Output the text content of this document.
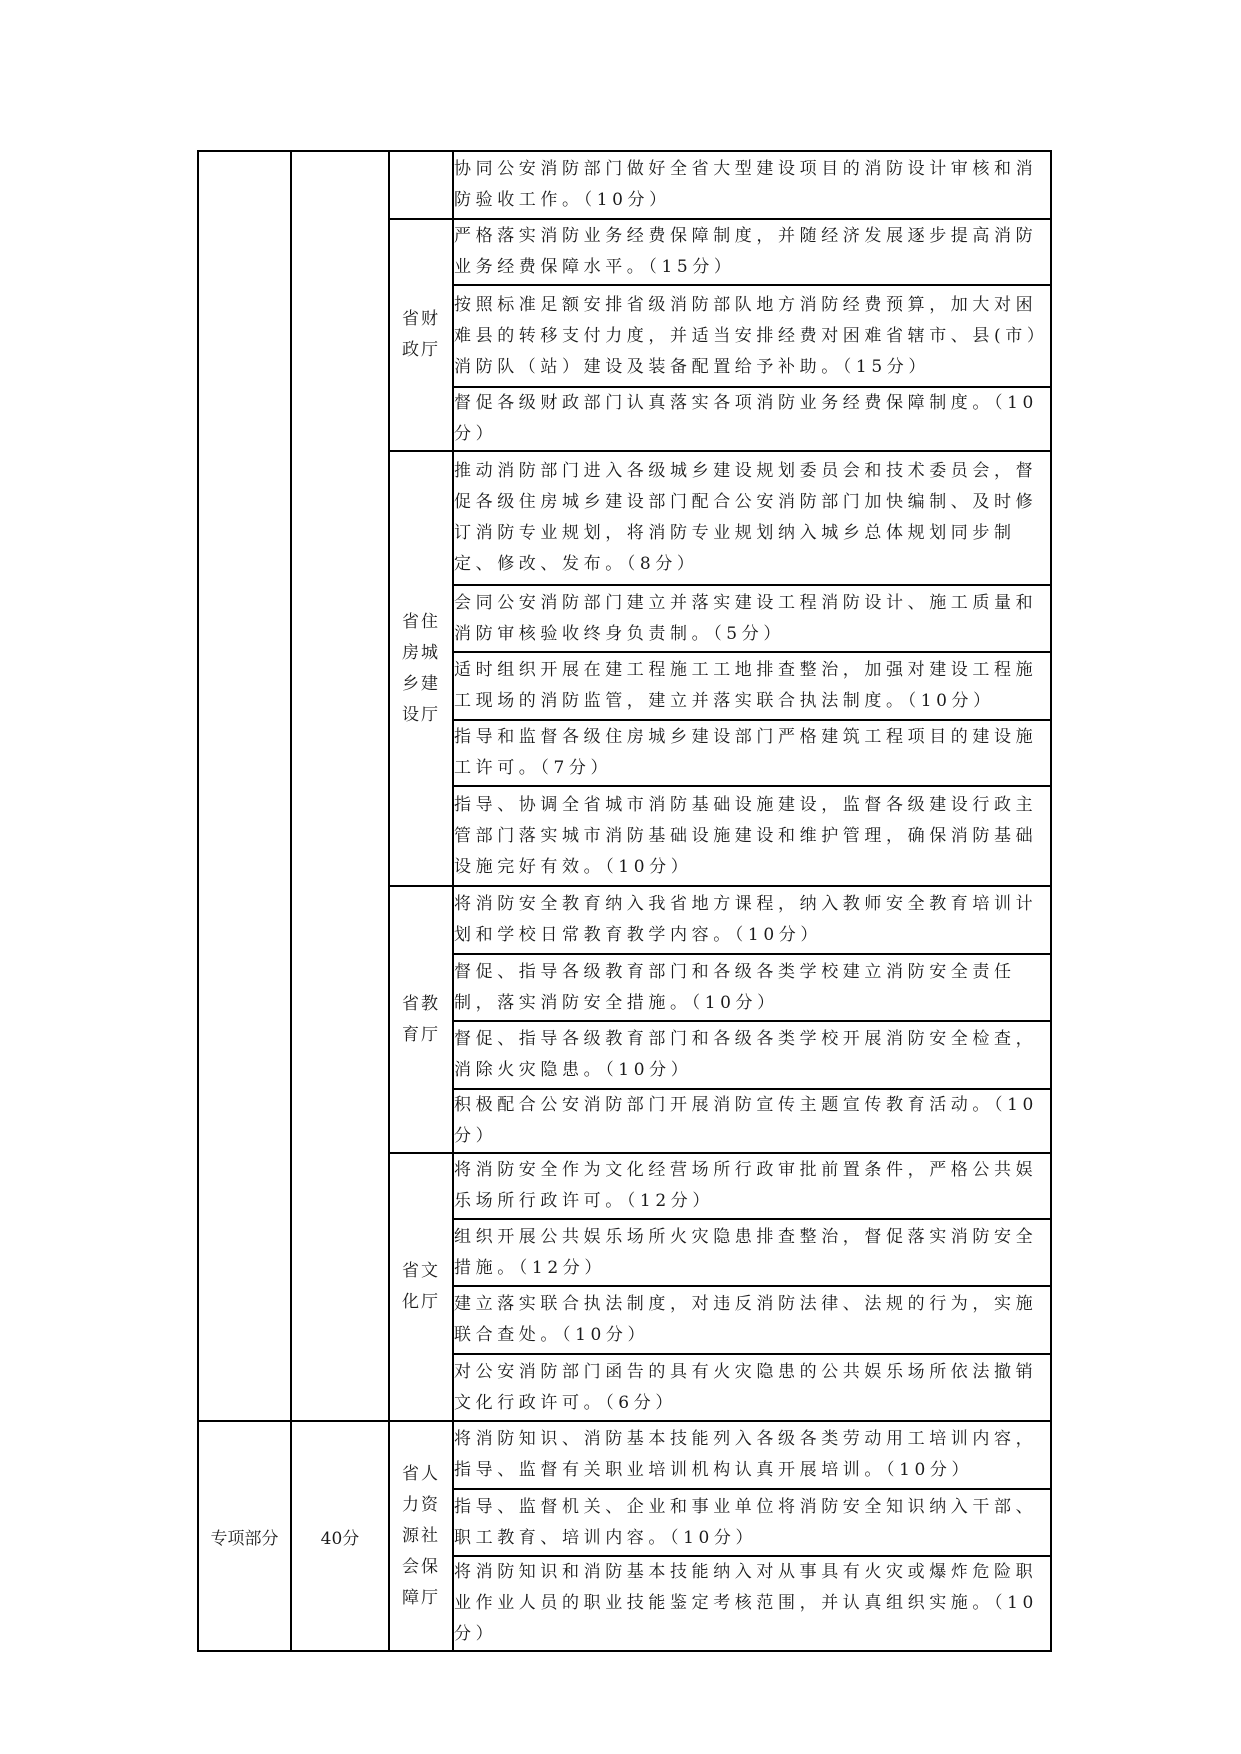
			协同公安消防部门做好全省大型建设项目的消防设计审核和消防验收工作。（10分）
		省财政厅	严格落实消防业务经费保障制度，并随经济发展逐步提高消防业务经费保障水平。（15分）
			按照标准足额安排省级消防部队地方消防经费预算，加大对困难县的转移支付力度，并适当安排经费对困难省辖市、县(市）消防队（站）建设及装备配置给予补助。（15分）
			督促各级财政部门认真落实各项消防业务经费保障制度。（10分）
		省住房城乡建设厅	推动消防部门进入各级城乡建设规划委员会和技术委员会，督促各级住房城乡建设部门配合公安消防部门加快编制、及时修订消防专业规划，将消防专业规划纳入城乡总体规划同步制定、修改、发布。（8分）
			会同公安消防部门建立并落实建设工程消防设计、施工质量和消防审核验收终身负责制。（5分）
			适时组织开展在建工程施工工地排查整治，加强对建设工程施工现场的消防监管，建立并落实联合执法制度。（10分）
			指导和监督各级住房城乡建设部门严格建筑工程项目的建设施工许可。（7分）
			指导、协调全省城市消防基础设施建设，监督各级建设行政主管部门落实城市消防基础设施建设和维护管理，确保消防基础设施完好有效。（10分）
		省教育厅	将消防安全教育纳入我省地方课程，纳入教师安全教育培训计划和学校日常教育教学内容。（10分）
			督促、指导各级教育部门和各级各类学校建立消防安全责任制，落实消防安全措施。（10分）
			督促、指导各级教育部门和各级各类学校开展消防安全检查，消除火灾隐患。（10分）
			积极配合公安消防部门开展消防宣传主题宣传教育活动。（10分）
		省文化厅	将消防安全作为文化经营场所行政审批前置条件，严格公共娱乐场所行政许可。（12分）
			组织开展公共娱乐场所火灾隐患排查整治，督促落实消防安全措施。（12分）
			建立落实联合执法制度，对违反消防法律、法规的行为，实施联合查处。（10分）
			对公安消防部门函告的具有火灾隐患的公共娱乐场所依法撤销文化行政许可。（6分）
专项部分	40分	省人力资源社会保障厅	将消防知识、消防基本技能列入各级各类劳动用工培训内容，指导、监督有关职业培训机构认真开展培训。（10分）
			指导、监督机关、企业和事业单位将消防安全知识纳入干部、职工教育、培训内容。（10分）
			将消防知识和消防基本技能纳入对从事具有火灾或爆炸危险职业作业人员的职业技能鉴定考核范围，并认真组织实施。（10分）
